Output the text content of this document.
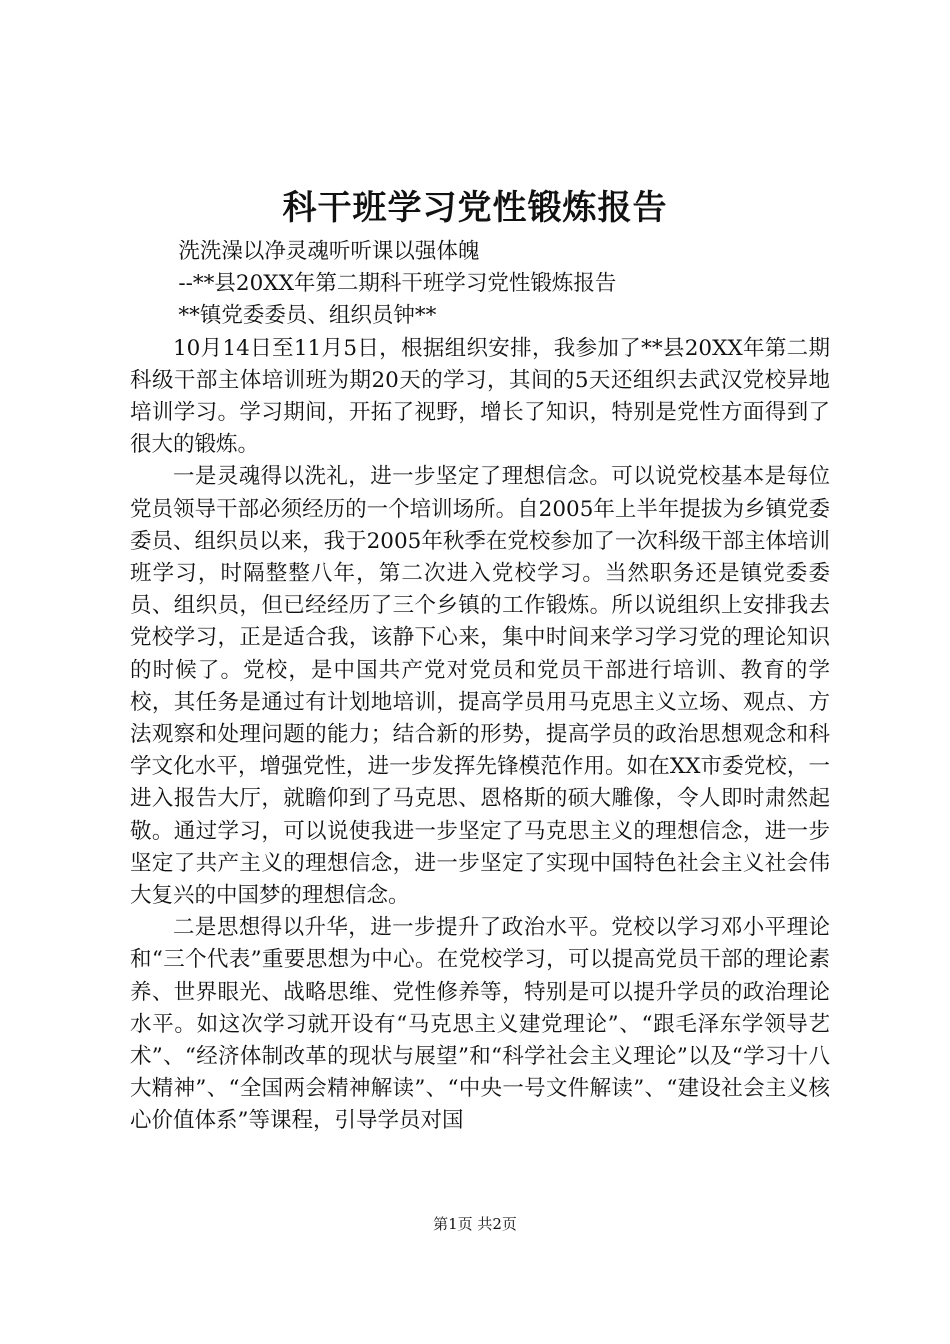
科干班学习党性锻炼报告

洗洗澡以净灵魂听听课以强体魄

--**县20XX年第二期科干班学习党性锻炼报告

**镇党委委员、组织员钟**

10月14日至11月5日，根据组织安排，我参加了**县20XX年第二期科级干部主体培训班为期20天的学习，其间的5天还组织去武汉党校异地培训学习。学习期间，开拓了视野，增长了知识，特别是党性方面得到了很大的锻炼。

一是灵魂得以洗礼，进一步坚定了理想信念。可以说党校基本是每位党员领导干部必须经历的一个培训场所。自2005年上半年提拔为乡镇党委委员、组织员以来，我于2005年秋季在党校参加了一次科级干部主体培训班学习，时隔整整八年，第二次进入党校学习。当然职务还是镇党委委员、组织员，但已经经历了三个乡镇的工作锻炼。所以说组织上安排我去党校学习，正是适合我，该静下心来，集中时间来学习学习党的理论知识的时候了。党校，是中国共产党对党员和党员干部进行培训、教育的学校，其任务是通过有计划地培训，提高学员用马克思主义立场、观点、方法观察和处理问题的能力；结合新的形势，提高学员的政治思想观念和科学文化水平，增强党性，进一步发挥先锋模范作用。如在XX市委党校，一进入报告大厅，就瞻仰到了马克思、恩格斯的硕大雕像，令人即时肃然起敬。通过学习，可以说使我进一步坚定了马克思主义的理想信念，进一步坚定了共产主义的理想信念，进一步坚定了实现中国特色社会主义社会伟大复兴的中国梦的理想信念。

二是思想得以升华，进一步提升了政治水平。党校以学习邓小平理论和“三个代表”重要思想为中心。在党校学习，可以提高党员干部的理论素养、世界眼光、战略思维、党性修养等，特别是可以提升学员的政治理论水平。如这次学习就开设有“马克思主义建党理论”、“跟毛泽东学领导艺术”、“经济体制改革的现状与展望”和“科学社会主义理论”以及“学习十八大精神”、“全国两会精神解读”、“中央一号文件解读”、“建设社会主义核心价值体系”等课程，引导学员对国

第1页 共2页
